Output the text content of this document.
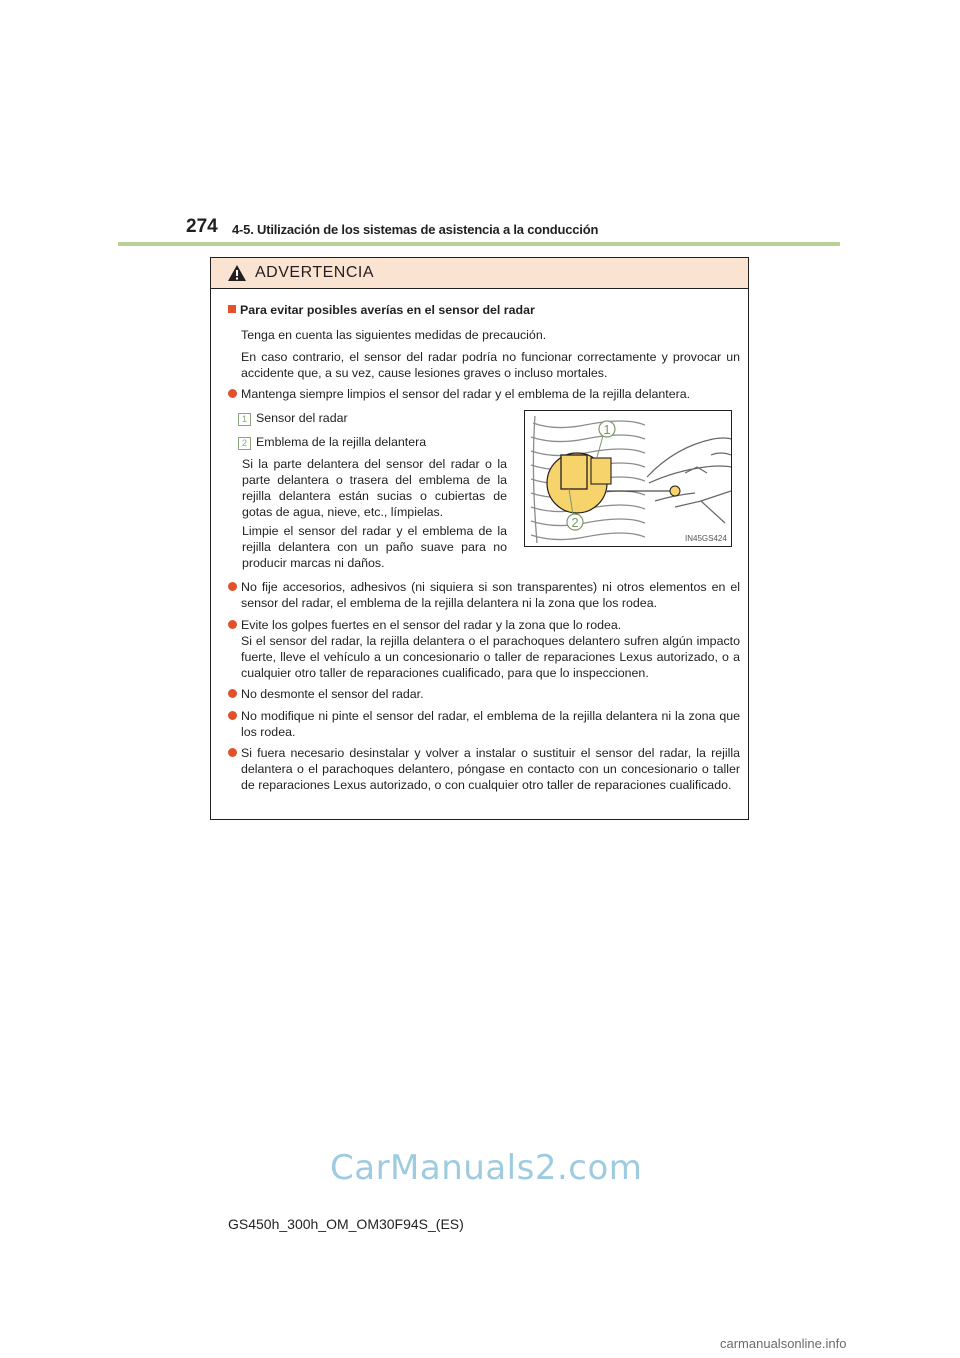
274 4-5. Utilización de los sistemas de asistencia a la conducción
ADVERTENCIA
Para evitar posibles averías en el sensor del radar
Tenga en cuenta las siguientes medidas de precaución.
En caso contrario, el sensor del radar podría no funcionar correctamente y provocar un accidente que, a su vez, cause lesiones graves o incluso mortales.
Mantenga siempre limpios el sensor del radar y el emblema de la rejilla delantera.
1 Sensor del radar
2 Emblema de la rejilla delantera
Si la parte delantera del sensor del radar o la parte delantera o trasera del emblema de la rejilla delantera están sucias o cubiertas de gotas de agua, nieve, etc., límpielas.
Limpie el sensor del radar y el emblema de la rejilla delantera con un paño suave para no producir marcas ni daños.
1
2
IN45GS424
No fije accesorios, adhesivos (ni siquiera si son transparentes) ni otros elementos en el sensor del radar, el emblema de la rejilla delantera ni la zona que los rodea.
Evite los golpes fuertes en el sensor del radar y la zona que lo rodea.
Si el sensor del radar, la rejilla delantera o el parachoques delantero sufren algún impacto fuerte, lleve el vehículo a un concesionario o taller de reparaciones Lexus autorizado, o a cualquier otro taller de reparaciones cualificado, para que lo inspeccionen.
No desmonte el sensor del radar.
No modifique ni pinte el sensor del radar, el emblema de la rejilla delantera ni la zona que los rodea.
Si fuera necesario desinstalar y volver a instalar o sustituir el sensor del radar, la rejilla delantera o el parachoques delantero, póngase en contacto con un concesionario o taller de reparaciones Lexus autorizado, o con cualquier otro taller de reparaciones cualificado.
CarManuals2.com
GS450h_300h_OM_OM30F94S_(ES)
carmanualsonline.info
